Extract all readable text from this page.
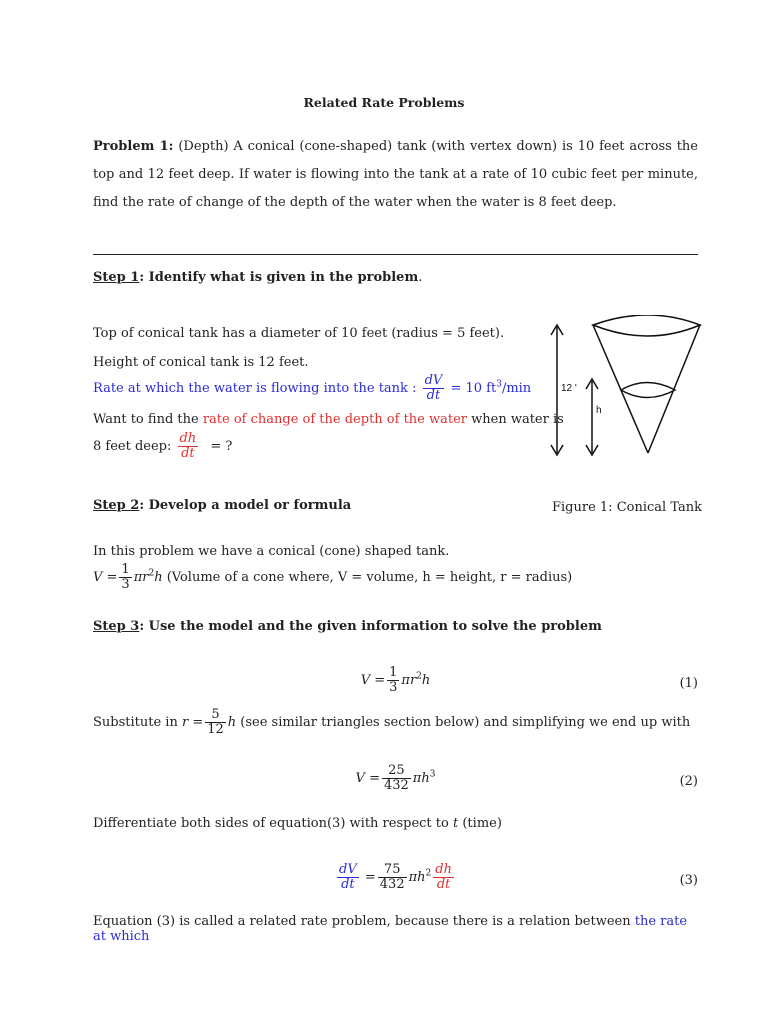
Related Rate Problems
Problem 1: (Depth) A conical (cone-shaped) tank (with vertex down) is 10 feet across the top and 12 feet deep. If water is flowing into the tank at a rate of 10 cubic feet per minute, find the rate of change of the depth of the water when the water is 8 feet deep.
Step 1: Identify what is given in the problem.
Top of conical tank has a diameter of 10 feet (radius = 5 feet).
Height of conical tank is 12 feet.
Rate at which the water is flowing into the tank : $\frac{dV}{dt} = 10$ $ft^3/\min$
Want to find the rate of change of the depth of the water when water is
8 feet deep: $\frac{dh}{dt}$ = ?
12 '
h
Step 2: Develop a model or formula	Figure 1: Conical Tank
In this problem we have a conical (cone) shaped tank.
$V = \frac{1}{3} \pi r^2h$ (Volume of a cone where, V = volume, h = height, r = radius)
Step 3: Use the model and the given information to solve the problem
$V = \frac{1}{3} \pi r^2h$	(1)
Substitute in $r = \frac{5}{12}$ h (see similar triangles section below) and simplifying we end up with
$V = \frac{25}{432} \pi h^3$	(2)
Differentiate both sides of equation(3) with respect to t (time)
$\frac{dV}{dt} = \frac{75}{432} \pi h^2 \frac{dh}{dt}$	(3)
Equation (3) is called a related rate problem, because there is a relation between the rate at which
